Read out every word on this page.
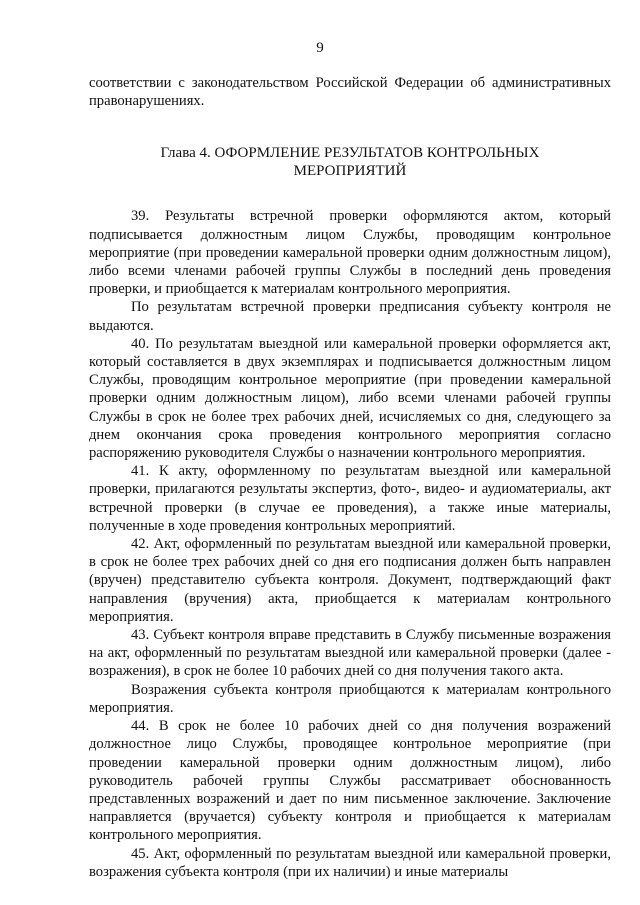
9

соответствии с законодательством Российской Федерации об административных правонарушениях.

Глава 4. ОФОРМЛЕНИЕ РЕЗУЛЬТАТОВ КОНТРОЛЬНЫХ
МЕРОПРИЯТИЙ

39. Результаты встречной проверки оформляются актом, который подписывается должностным лицом Службы, проводящим контрольное мероприятие (при проведении камеральной проверки одним должностным лицом), либо всеми членами рабочей группы Службы в последний день проведения проверки, и приобщается к материалам контрольного мероприятия.

По результатам встречной проверки предписания субъекту контроля не выдаются.

40. По результатам выездной или камеральной проверки оформляется акт, который составляется в двух экземплярах и подписывается должностным лицом Службы, проводящим контрольное мероприятие (при проведении камеральной проверки одним должностным лицом), либо всеми членами рабочей группы Службы в срок не более трех рабочих дней, исчисляемых со дня, следующего за днем окончания срока проведения контрольного мероприятия согласно распоряжению руководителя Службы о назначении контрольного мероприятия.

41. К акту, оформленному по результатам выездной или камеральной проверки, прилагаются результаты экспертиз, фото-, видео- и аудиоматериалы, акт встречной проверки (в случае ее проведения), а также иные материалы, полученные в ходе проведения контрольных мероприятий.

42. Акт, оформленный по результатам выездной или камеральной проверки, в срок не более трех рабочих дней со дня его подписания должен быть направлен (вручен) представителю субъекта контроля. Документ, подтверждающий факт направления (вручения) акта, приобщается к материалам контрольного мероприятия.

43. Субъект контроля вправе представить в Службу письменные возражения на акт, оформленный по результатам выездной или камеральной проверки (далее - возражения), в срок не более 10 рабочих дней со дня получения такого акта.

Возражения субъекта контроля приобщаются к материалам контрольного мероприятия.

44. В срок не более 10 рабочих дней со дня получения возражений должностное лицо Службы, проводящее контрольное мероприятие (при проведении камеральной проверки одним должностным лицом), либо руководитель рабочей группы Службы рассматривает обоснованность представленных возражений и дает по ним письменное заключение. Заключение направляется (вручается) субъекту контроля и приобщается к материалам контрольного мероприятия.

45. Акт, оформленный по результатам выездной или камеральной проверки, возражения субъекта контроля (при их наличии) и иные материалы
